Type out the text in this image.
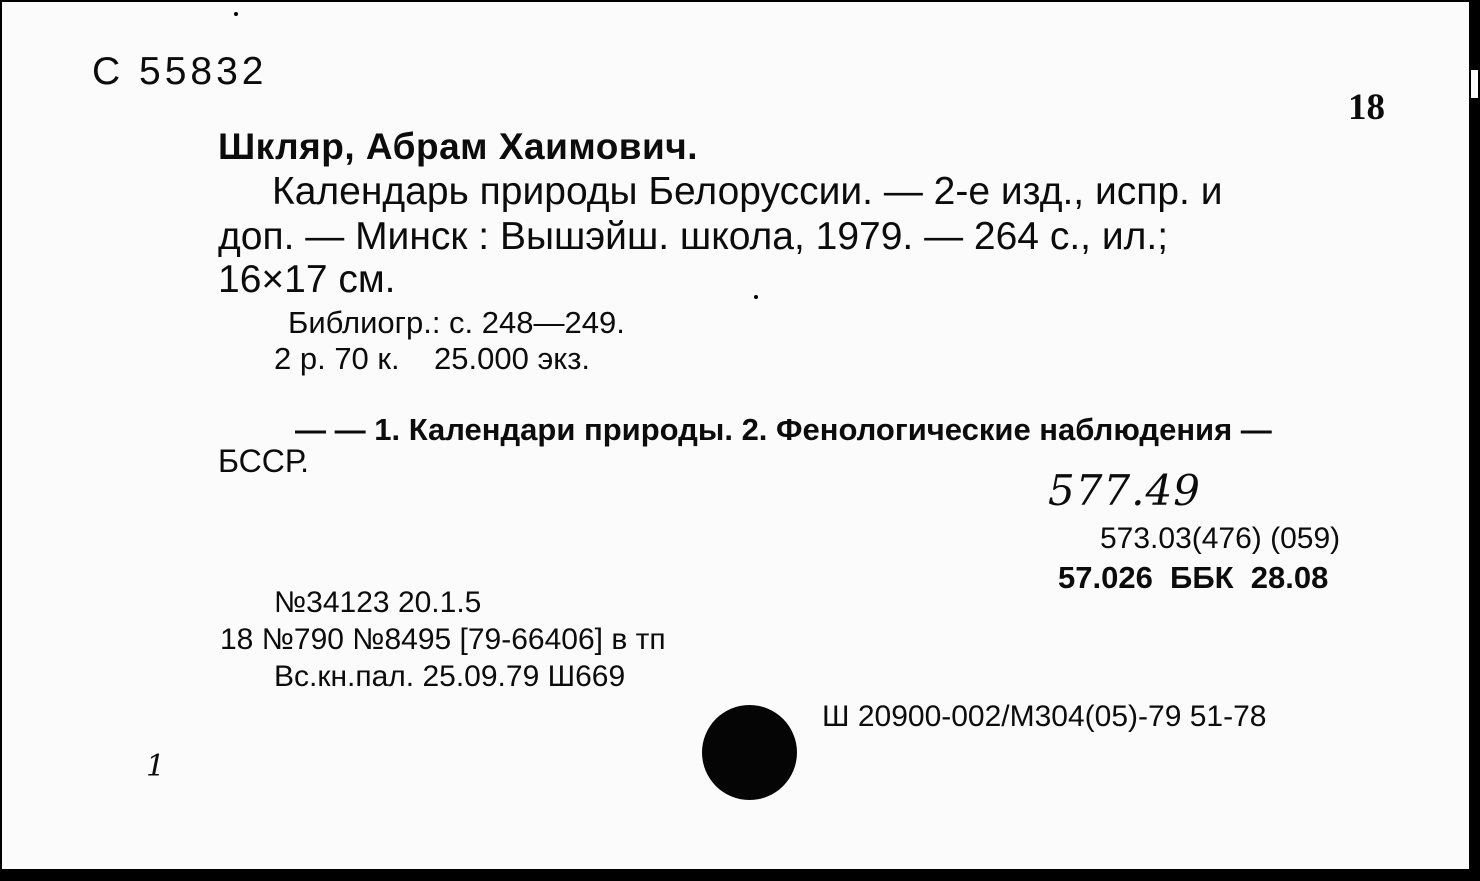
С 55832
18
Шкляр, Абрам Хаимович.
Календарь природы Белоруссии. — 2-е изд., испр. и
доп. — Минск : Вышэйш. школа, 1979. — 264 с., ил.;
16×17 см.
Библиогр.: с. 248—249.
2 р. 70 к.    25.000 экз.
— — 1. Календари природы. 2. Фенологические наблюдения —
БССР.
577.49
573.03(476) (059)
57.026  ББК  28.08
№34123 20.1.5
18 №790 №8495 [79-66406] в тп
Вс.кн.пал. 25.09.79 Ш669
Ш 20900-002/М304(05)-79 51-78
1
